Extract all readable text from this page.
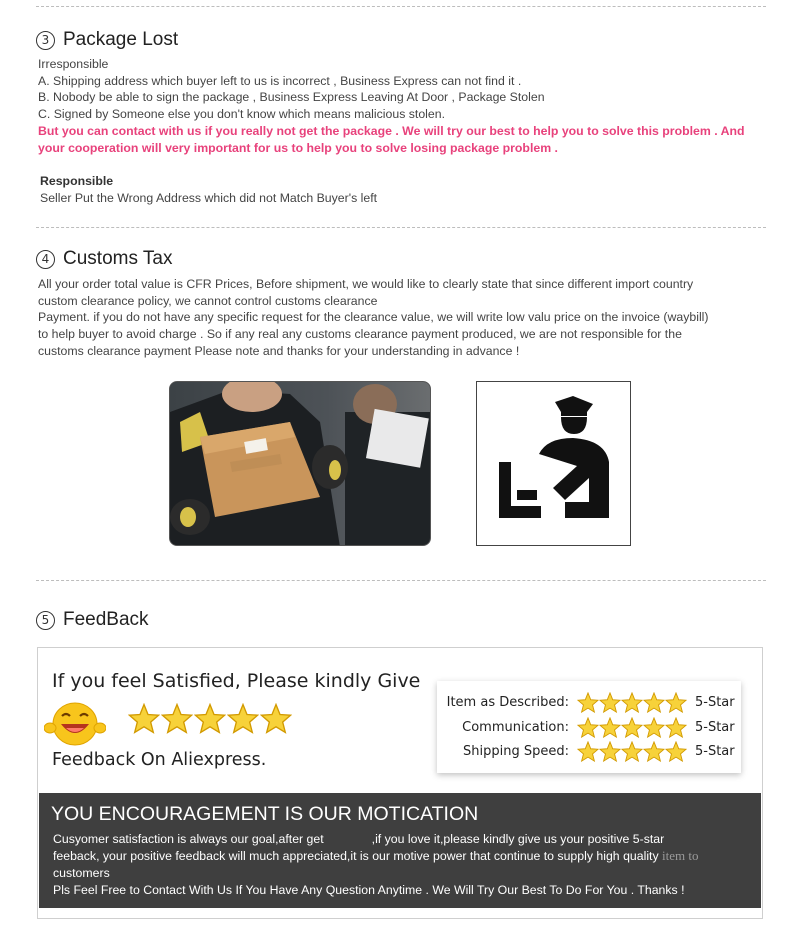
3 Package Lost
Irresponsible
A. Shipping address which buyer left to us is incorrect , Business Express can not find it .
B. Nobody be able to sign the package , Business Express Leaving At Door , Package Stolen
C. Signed by Someone else you don't know which means malicious stolen.
But you can contact with us if you really not get the package . We will try our best to help you to solve this problem . And
your cooperation will very important for us to help you to solve losing package problem .
Responsible
Seller Put the Wrong Address which did not Match Buyer's left
4 Customs Tax
All your order total value is CFR Prices, Before shipment, we would like to clearly state that since different import country
custom clearance policy, we cannot control customs clearance
Payment. if you do not have any specific request for the clearance value, we will write low valu price on the invoice (waybill)
to help buyer to avoid charge . So if any real any customs clearance payment produced, we are not responsible for the
customs clearance payment Please note and thanks for your understanding in advance !
5 FeedBack
If you feel Satisfied, Please kindly Give
Feedback On Aliexpress.
Item as Described:	5-Star
Communication:	5-Star
Shipping Speed:	5-Star
YOU ENCOURAGEMENT IS OUR MOTICATION
Cusyomer satisfaction is always our goal,after get	,if you love it,please kindly give us your positive 5-star
feeback, your positive feedback will much appreciated,it is our motive power that continue to supply high quality item to
customers
Pls Feel Free to Contact With Us If You Have Any Question Anytime . We Will Try Our Best To Do For You . Thanks !
